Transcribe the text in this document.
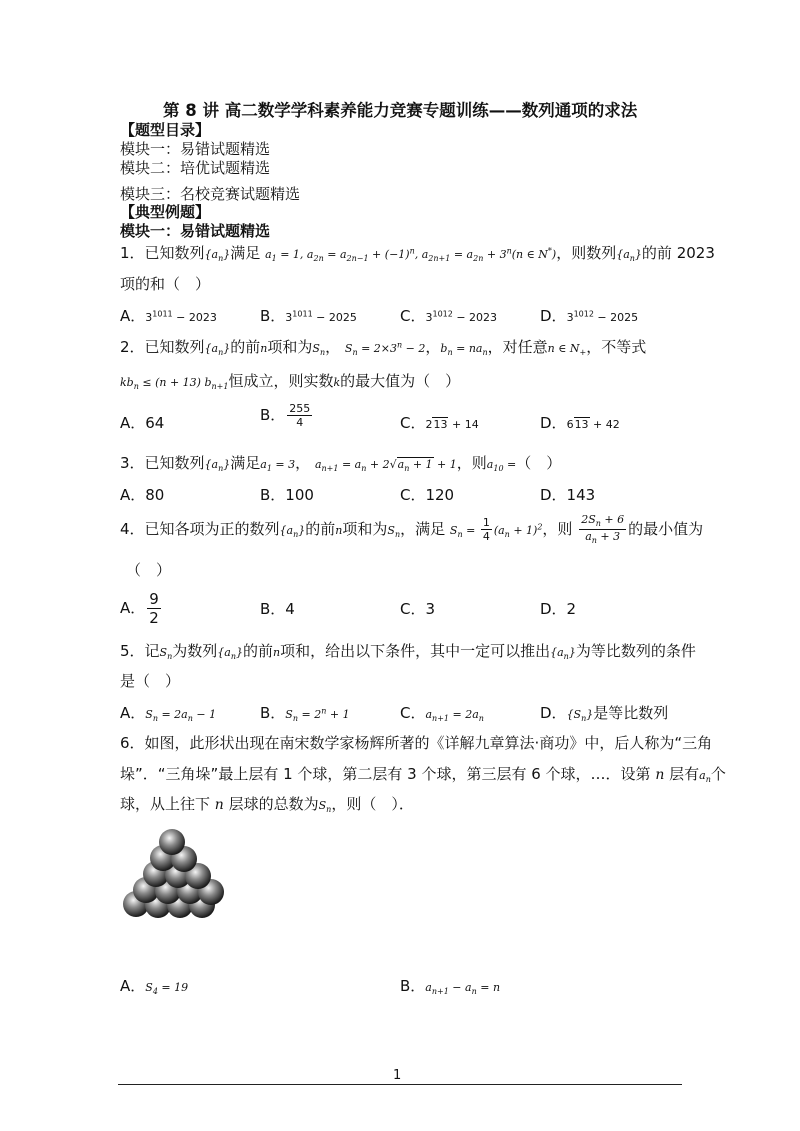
第 8 讲 高二数学学科素养能力竞赛专题训练——数列通项的求法
【题型目录】
模块一：易错试题精选
模块二：培优试题精选
模块三：名校竞赛试题精选
【典型例题】
模块一：易错试题精选
1．已知数列$\{a_n\}$满足 $a_1 = 1$, $a_{2n} = a_{2n-1} + (-1)^n$, $a_{2n+1} = a_{2n} + 3^n(n$ ∈ N*)，则数列$\{a_n\}$的前 2023
项的和（　）
A．$3^{1011} - 2023$	B．$3^{1011} - 2025$	C．$3^{1012} - 2023$	D．$3^{1012} - 2025$
2．已知数列$\{a_n\}$的前n项和为$S_n$， $S_n = 2\times 3^n - 2$，$b_n = na_n$，对任意n ∈ $N_+$，不等式
$kb_n \le (n + 13)$ $b_{n+1}$恒成立，则实数k的最大值为（　）
A．64	B． $\frac{255}{4}$	C．213 + 14	D．613 + 42
3．已知数列$\{a_n\}$满足$a_1 = 3$， $a_{n+1} = a_n + 2√a_n + 1 + 1$，则$a_{10}$ =（　）
A．80	B．100	C．120	D．143
4．已知各项为正的数列$\{a_n\}$的前n项和为$S_n$，满足 $S_n = \frac{1}{4} (a_n + 1)^2$，则 $\frac{2S_n + 6}{a_n + 3}$ 的最小值为
（　）
A． $\frac{9}{2}$	B．4	C．3	D．2
5．记$S_n$为数列$\{a_n\}$的前n项和，给出以下条件，其中一定可以推出$\{a_n\}$为等比数列的条件
是（　）
A．$S_n = 2a_n - 1$	B．$S_n = 2^n + 1$	C．$a_{n+1} = 2a_n$	D．$\{S_n\}$是等比数列
6．如图，此形状出现在南宋数学家杨辉所著的《详解九章算法·商功》中，后人称为“三角
垛”．“三角垛”最上层有 1 个球，第二层有 3 个球，第三层有 6 个球，…．设第 n 层有$a_n$个
球，从上往下 n 层球的总数为$S_n$，则（　）．
A．$S_4 = 19$	B．$a_{n+1} - a_n = n$
1
